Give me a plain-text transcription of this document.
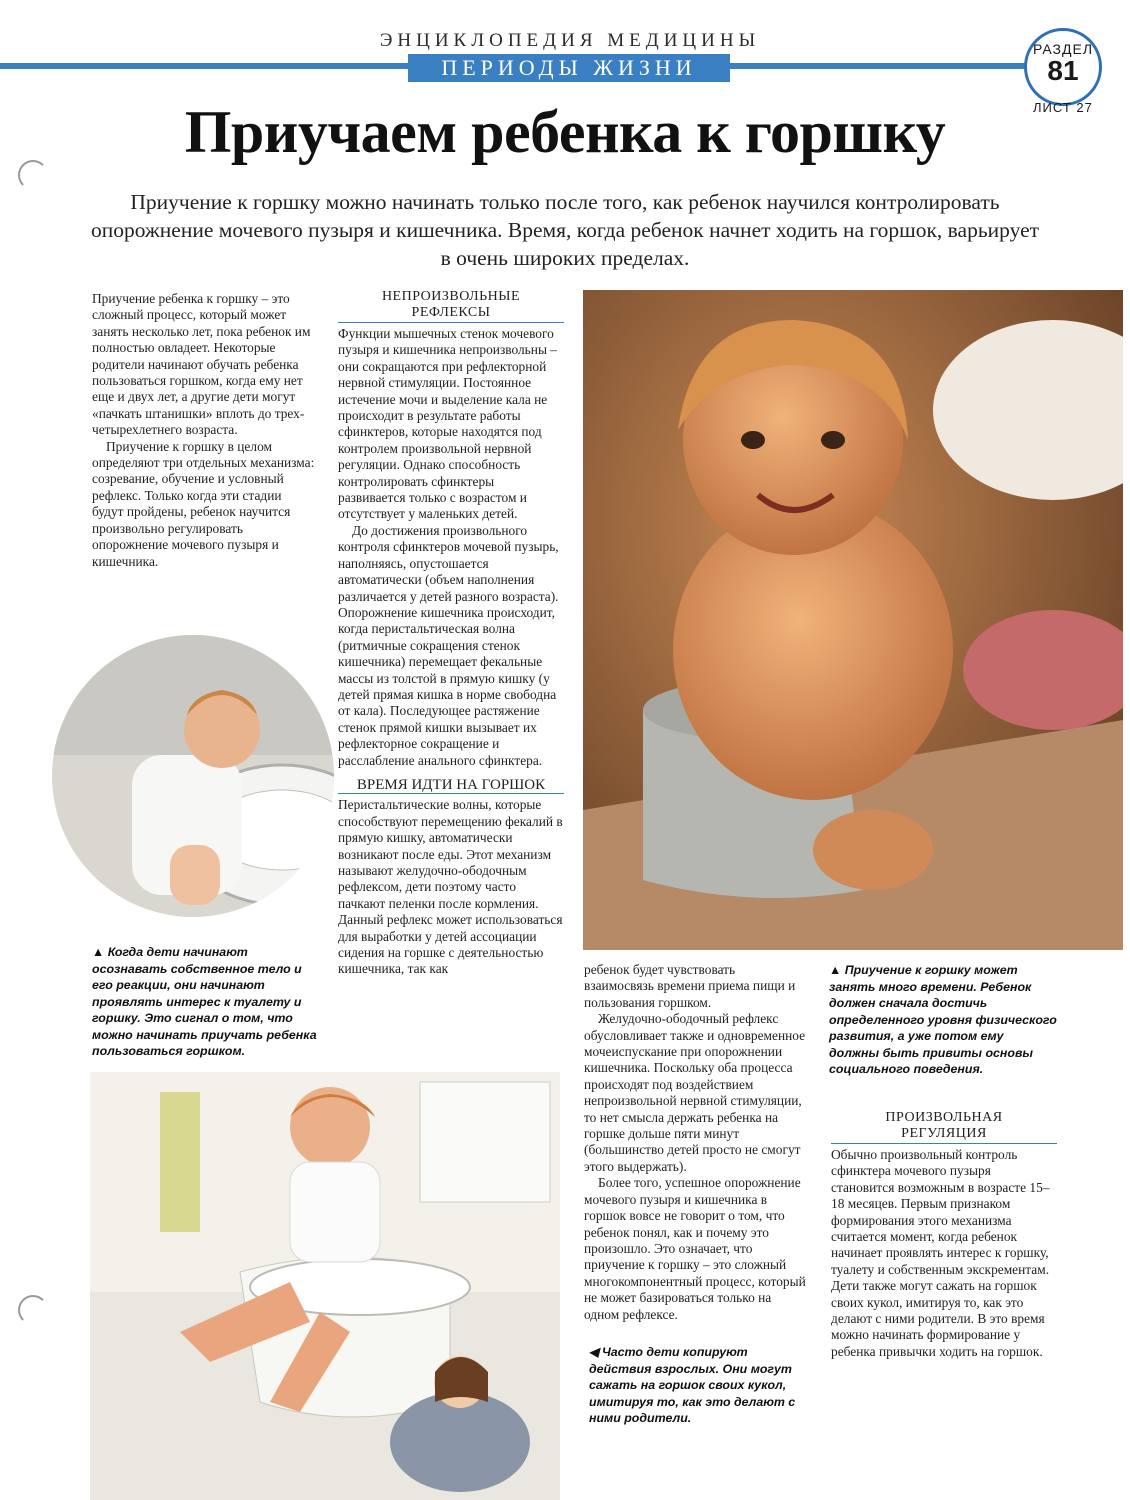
ЭНЦИКЛОПЕДИЯ МЕДИЦИНЫ
ПЕРИОДЫ ЖИЗНИ
РАЗДЕЛ
81
ЛИСТ 27
Приучаем ребенка к горшку
Приучение к горшку можно начинать только после того, как ребенок научился контролировать опорожнение мочевого пузыря и кишечника. Время, когда ребенок начнет ходить на горшок, варьирует в очень широких пределах.

Приучение ребенка к горшку – это сложный процесс, который может занять несколько лет, пока ребенок им полностью овладеет. Некоторые родители начинают обучать ребенка пользоваться горшком, когда ему нет еще и двух лет, а другие дети могут «пачкать штанишки» вплоть до трех-четырехлетнего возраста.

Приучение к горшку в целом определяют три отдельных механизма: созревание, обучение и условный рефлекс. Только когда эти стадии будут пройдены, ребенок научится произвольно регулировать опорожнение мочевого пузыря и кишечника.

▲ Когда дети начинают осознавать собственное тело и его реакции, они начинают проявлять интерес к туалету и горшку. Это сигнал о том, что можно начинать приучать ребенка пользоваться горшком.
НЕПРОИЗВОЛЬНЫЕ
РЕФЛЕКСЫ

Функции мышечных стенок мочевого пузыря и кишечника непроизвольны – они сокращаются при рефлекторной нервной стимуляции. Постоянное истечение мочи и выделение кала не происходит в результате работы сфинктеров, которые находятся под контролем произвольной нервной регуляции. Однако способность контролировать сфинктеры развивается только с возрастом и отсутствует у маленьких детей.

До достижения произвольного контроля сфинктеров мочевой пузырь, наполняясь, опустошается автоматически (объем наполнения различается у детей разного возраста). Опорожнение кишечника происходит, когда перистальтическая волна (ритмичные сокращения стенок кишечника) перемещает фекальные массы из толстой в прямую кишку (у детей прямая кишка в норме свободна от кала). Последующее растяжение стенок прямой кишки вызывает их рефлекторное сокращение и расслабление анального сфинктера.

ВРЕМЯ ИДТИ НА ГОРШОК

Перистальтические волны, которые способствуют перемещению фекалий в прямую кишку, автоматически возникают после еды. Этот механизм называют желудочно-ободочным рефлексом, дети поэтому часто пачкают пеленки после кормления. Данный рефлекс может использоваться для выработки у детей ассоциации сидения на горшке с деятельностью кишечника, так как	ребенок будет чувствовать взаимосвязь времени приема пищи и пользования горшком.

Желудочно-ободочный рефлекс обусловливает также и одновременное мочеиспускание при опорожнении кишечника. Поскольку оба процесса происходят под воздействием непроизвольной нервной стимуляции, то нет смысла держать ребенка на горшке дольше пяти минут (большинство детей просто не смогут этого выдержать).

Более того, успешное опорожнение мочевого пузыря и кишечника в горшок вовсе не говорит о том, что ребенок понял, как и почему это произошло. Это означает, что приучение к горшку – это сложный многокомпонентный процесс, который не может базироваться только на одном рефлексе.

◀ Часто дети копируют действия взрослых. Они могут сажать на горшок своих кукол, имитируя то, как это делают с ними родители.
▲ Приучение к горшку может занять много времени. Ребенок должен сначала достичь определенного уровня физического развития, а уже потом ему должны быть привиты основы социального поведения.
ПРОИЗВОЛЬНАЯ
РЕГУЛЯЦИЯ

Обычно произвольный контроль сфинктера мочевого пузыря становится возможным в возрасте 15–18 месяцев. Первым признаком формирования этого механизма считается момент, когда ребенок начинает проявлять интерес к горшку, туалету и собственным экскрементам. Дети также могут сажать на горшок своих кукол, имитируя то, как это делают с ними родители. В это время можно начинать формирование у ребенка привычки ходить на горшок.
